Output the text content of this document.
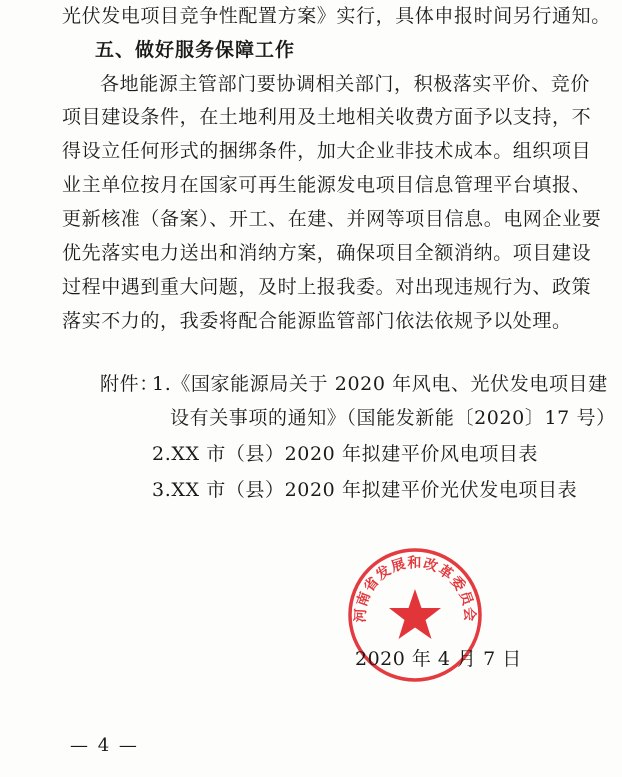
光伏发电项目竞争性配置方案》实行，具体申报时间另行通知。
五、做好服务保障工作
各地能源主管部门要协调相关部门，积极落实平价、竞价
项目建设条件，在土地利用及土地相关收费方面予以支持，不
得设立任何形式的捆绑条件，加大企业非技术成本。组织项目
业主单位按月在国家可再生能源发电项目信息管理平台填报、
更新核准（备案）、开工、在建、并网等项目信息。电网企业要
优先落实电力送出和消纳方案，确保项目全额消纳。项目建设
过程中遇到重大问题，及时上报我委。对出现违规行为、政策
落实不力的，我委将配合能源监管部门依法依规予以处理。
附件：
1.《国家能源局关于 2020 年风电、光伏发电项目建
设有关事项的通知》（国能发新能〔2020〕17 号）
2.XX 市（县）2020 年拟建平价风电项目表
3.XX 市（县）2020 年拟建平价光伏发电项目表
河南省发展和改革委员会
2020 年 4 月 7 日
— 4 —
